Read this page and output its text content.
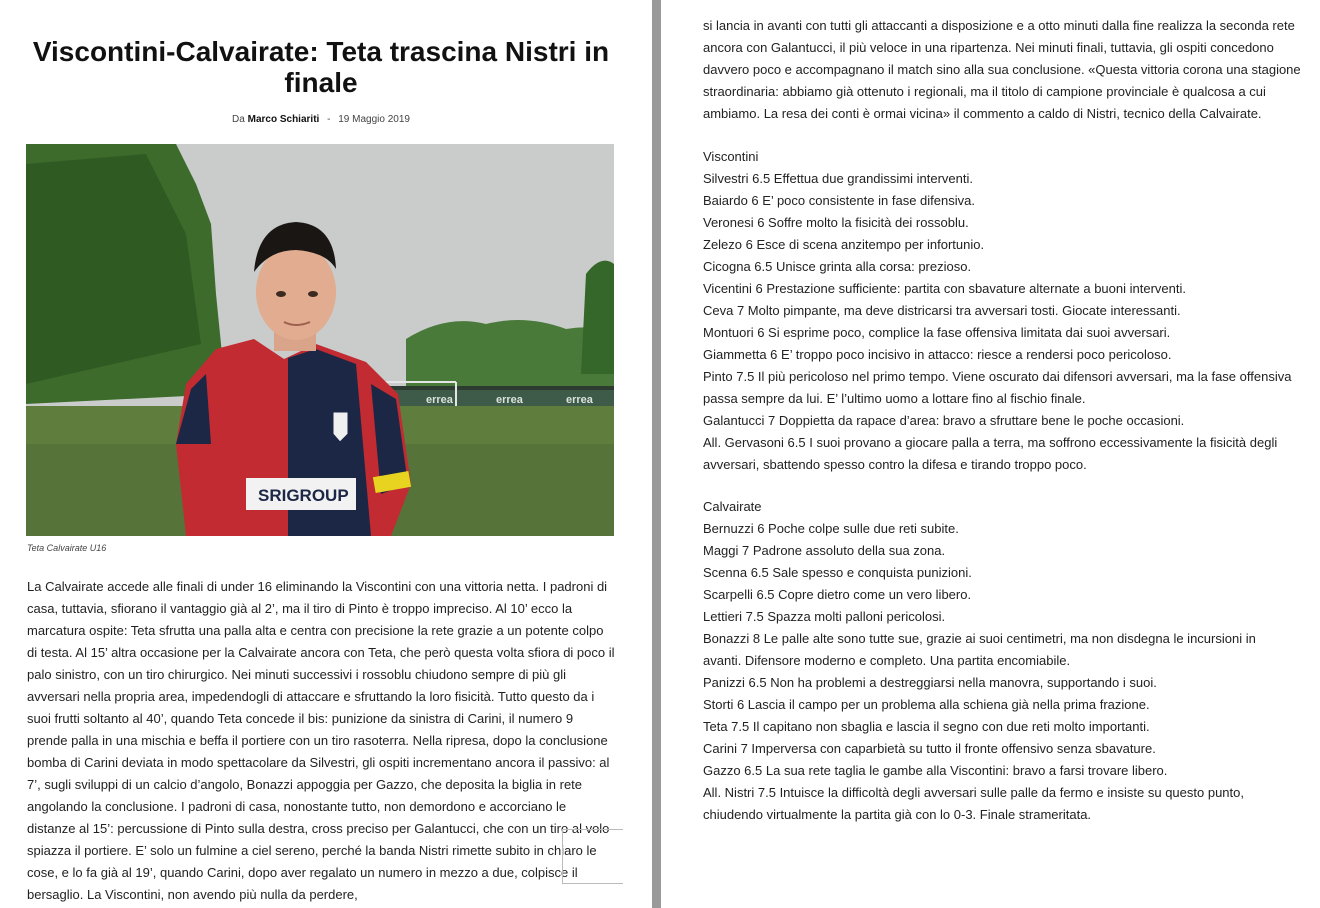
Viscontini-Calvairate: Teta trascina Nistri in finale
Da Marco Schiariti - 19 Maggio 2019
errea	errea	errea
SRIGROUP
Teta Calvairate U16

La Calvairate accede alle finali di under 16 eliminando la Viscontini con una vittoria netta. I padroni di casa, tuttavia, sfiorano il vantaggio già al 2’, ma il tiro di Pinto è troppo impreciso. Al 10’ ecco la marcatura ospite: Teta sfrutta una palla alta e centra con precisione la rete grazie a un potente colpo di testa. Al 15’ altra occasione per la Calvairate ancora con Teta, che però questa volta sfiora di poco il palo sinistro, con un tiro chirurgico. Nei minuti successivi i rossoblu chiudono sempre di più gli avversari nella propria area, impedendogli di attaccare e sfruttando la loro fisicità. Tutto questo da i suoi frutti soltanto al 40’, quando Teta concede il bis: punizione da sinistra di Carini, il numero 9 prende palla in una mischia e beffa il portiere con un tiro rasoterra. Nella ripresa, dopo la conclusione bomba di Carini deviata in modo spettacolare da Silvestri, gli ospiti incrementano ancora il passivo: al 7’, sugli sviluppi di un calcio d’angolo, Bonazzi appoggia per Gazzo, che deposita la biglia in rete angolando la conclusione. I padroni di casa, nonostante tutto, non demordono e accorciano le distanze al 15’: percussione di Pinto sulla destra, cross preciso per Galantucci, che con un tiro al volo spiazza il portiere. E’ solo un fulmine a ciel sereno, perché la banda Nistri rimette subito in chiaro le cose, e lo fa già al 19’, quando Carini, dopo aver regalato un numero in mezzo a due, colpisce il bersaglio. La Viscontini, non avendo più nulla da perdere,

si lancia in avanti con tutti gli attaccanti a disposizione e a otto minuti dalla fine realizza la seconda rete
ancora con Galantucci, il più veloce in una ripartenza. Nei minuti finali, tuttavia, gli ospiti concedono
davvero poco e accompagnano il match sino alla sua conclusione. «Questa vittoria corona una stagione
straordinaria: abbiamo già ottenuto i regionali, ma il titolo di campione provinciale è qualcosa a cui
ambiamo. La resa dei conti è ormai vicina» il commento a caldo di Nistri, tecnico della Calvairate.
Viscontini
Silvestri 6.5 Effettua due grandissimi interventi.
Baiardo 6 E’ poco consistente in fase difensiva.
Veronesi 6 Soffre molto la fisicità dei rossoblu.
Zelezo 6 Esce di scena anzitempo per infortunio.
Cicogna 6.5 Unisce grinta alla corsa: prezioso.
Vicentini 6 Prestazione sufficiente: partita con sbavature alternate a buoni interventi.
Ceva 7 Molto pimpante, ma deve districarsi tra avversari tosti. Giocate interessanti.
Montuori 6 Si esprime poco, complice la fase offensiva limitata dai suoi avversari.
Giammetta 6 E’ troppo poco incisivo in attacco: riesce a rendersi poco pericoloso.
Pinto 7.5 Il più pericoloso nel primo tempo. Viene oscurato dai difensori avversari, ma la fase offensiva passa sempre da lui. E’ l’ultimo uomo a lottare fino al fischio finale.
Galantucci 7 Doppietta da rapace d’area: bravo a sfruttare bene le poche occasioni.
All. Gervasoni 6.5 I suoi provano a giocare palla a terra, ma soffrono eccessivamente la fisicità degli avversari, sbattendo spesso contro la difesa e tirando troppo poco.
Calvairate
Bernuzzi 6 Poche colpe sulle due reti subite.
Maggi 7 Padrone assoluto della sua zona.
Scenna 6.5 Sale spesso e conquista punizioni.
Scarpelli 6.5 Copre dietro come un vero libero.
Lettieri 7.5 Spazza molti palloni pericolosi.
Bonazzi 8 Le palle alte sono tutte sue, grazie ai suoi centimetri, ma non disdegna le incursioni in avanti. Difensore moderno e completo. Una partita encomiabile.
Panizzi 6.5 Non ha problemi a destreggiarsi nella manovra, supportando i suoi.
Storti 6 Lascia il campo per un problema alla schiena già nella prima frazione.
Teta 7.5 Il capitano non sbaglia e lascia il segno con due reti molto importanti.
Carini 7 Imperversa con caparbietà su tutto il fronte offensivo senza sbavature.
Gazzo 6.5 La sua rete taglia le gambe alla Viscontini: bravo a farsi trovare libero.
All. Nistri 7.5 Intuisce la difficoltà degli avversari sulle palle da fermo e insiste su questo punto, chiudendo virtualmente la partita già con lo 0-3. Finale strameritata.
